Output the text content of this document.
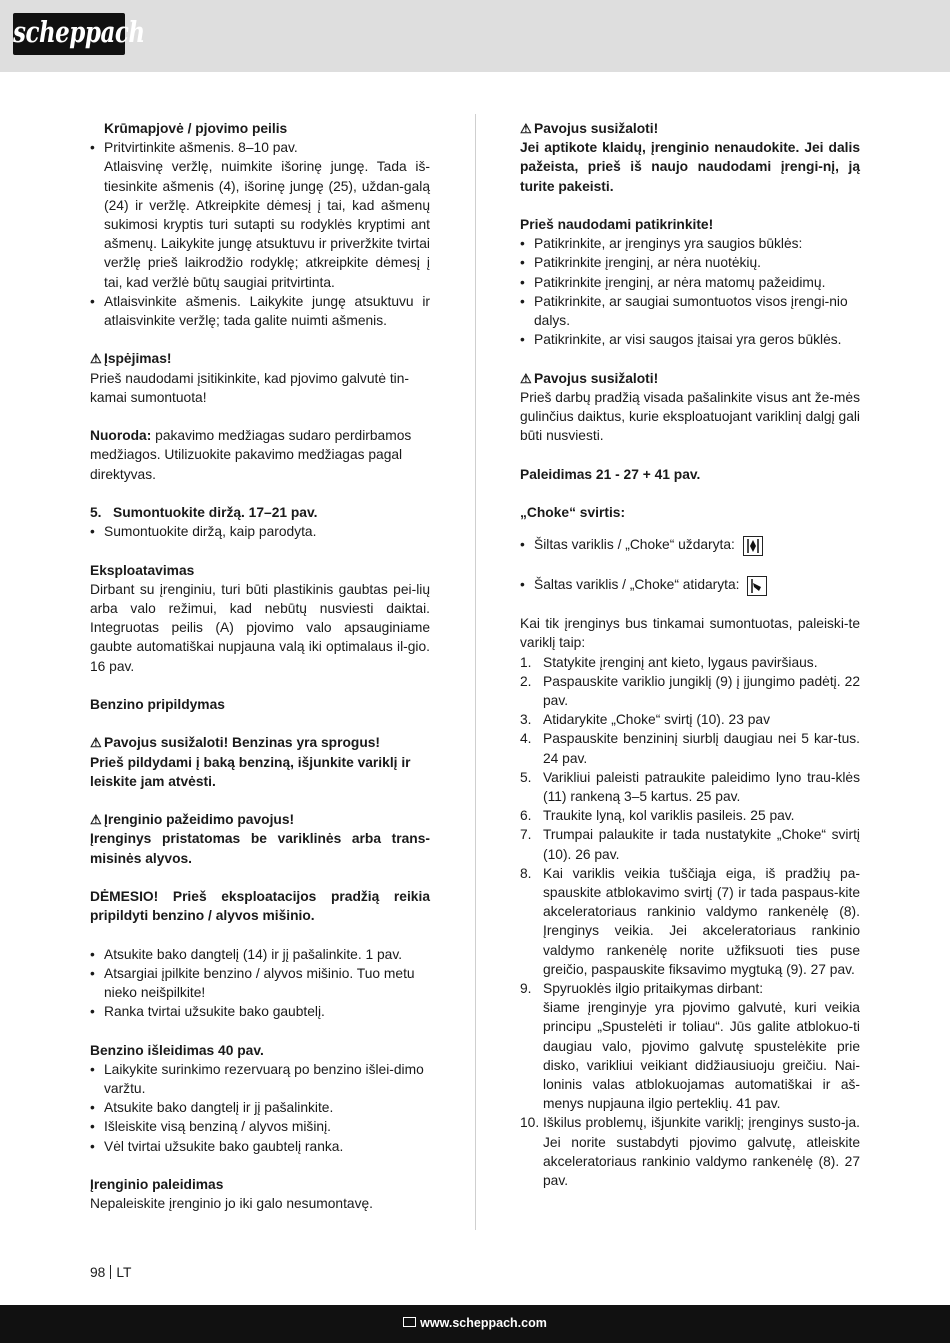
scheppach
Krūmapjovė / pjovimo peilis
• Pritvirtinkite ašmenis. 8–10 pav.
Atlaisvinę veržlę, nuimkite išorinę jungę. Tada iš-tiesinkite ašmenis (4), išorinę jungę (25), uždan-galą (24) ir veržlę. Atkreipkite dėmesį į tai, kad ašmenų sukimosi kryptis turi sutapti su rodyklės kryptimi ant ašmenų. Laikykite jungę atsuktuvu ir priveržkite tvirtai veržlę prieš laikrodžio rodyklę; atkreipkite dėmesį į tai, kad veržlė būtų saugiai pritvirtinta.
• Atlaisvinkite ašmenis. Laikykite jungę atsuktuvu ir atlaisvinkite veržlę; tada galite nuimti ašmenis.
⚠ Įspėjimas!
Prieš naudodami įsitikinkite, kad pjovimo galvutė tin-kamai sumontuota!
Nuoroda: pakavimo medžiagas sudaro perdirbamos medžiagos. Utilizuokite pakavimo medžiagas pagal direktyvas.
5. Sumontuokite diržą. 17–21 pav.
• Sumontuokite diržą, kaip parodyta.
Eksploatavimas
Dirbant su įrenginiu, turi būti plastikinis gaubtas pei-lių arba valo režimui, kad nebūtų nusviesti daiktai. Integruotas peilis (A) pjovimo valo apsauginiame gaubte automatiškai nupjauna valą iki optimalaus il-gio. 16 pav.
Benzino pripildymas
⚠ Pavojus susižaloti! Benzinas yra sprogus!
Prieš pildydami į baką benziną, išjunkite variklį ir leiskite jam atvėsti.
⚠ Įrenginio pažeidimo pavojus!
Įrenginys pristatomas be variklinės arba trans-misinės alyvos.
DĖMESIO! Prieš eksploatacijos pradžią reikia pripildyti benzino / alyvos mišinio.
• Atsukite bako dangtelį (14) ir jį pašalinkite. 1 pav.
• Atsargiai įpilkite benzino / alyvos mišinio. Tuo metu nieko neišpilkite!
• Ranka tvirtai užsukite bako gaubtelį.
Benzino išleidimas 40 pav.
• Laikykite surinkimo rezervuarą po benzino išlei-dimo varžtu.
• Atsukite bako dangtelį ir jį pašalinkite.
• Išleiskite visą benziną / alyvos mišinį.
• Vėl tvirtai užsukite bako gaubtelį ranka.
Įrenginio paleidimas
Nepaleiskite įrenginio jo iki galo nesumontavę.
⚠ Pavojus susižaloti!
Jei aptikote klaidų, įrenginio nenaudokite. Jei dalis pažeista, prieš iš naujo naudodami įrengi-nį, ją turite pakeisti.
Prieš naudodami patikrinkite!
• Patikrinkite, ar įrenginys yra saugios būklės:
• Patikrinkite įrenginį, ar nėra nuotėkių.
• Patikrinkite įrenginį, ar nėra matomų pažeidimų.
• Patikrinkite, ar saugiai sumontuotos visos įrengi-nio dalys.
• Patikrinkite, ar visi saugos įtaisai yra geros būklės.
⚠ Pavojus susižaloti!
Prieš darbų pradžią visada pašalinkite visus ant že-mės gulinčius daiktus, kurie eksploatuojant variklinį dalgį gali būti nusviesti.
Paleidimas 21 - 27 + 41 pav.
„Choke“ svirtis:
• Šiltas variklis / „Choke“ uždaryta:
• Šaltas variklis / „Choke“ atidaryta:
Kai tik įrenginys bus tinkamai sumontuotas, paleiski-te variklį taip:
1. Statykite įrenginį ant kieto, lygaus paviršiaus.
2. Paspauskite variklio jungiklį (9) į įjungimo padėtį. 22 pav.
3. Atidarykite „Choke“ svirtį (10). 23 pav
4. Paspauskite benzininį siurblį daugiau nei 5 kar-tus. 24 pav.
5. Varikliui paleisti patraukite paleidimo lyno trau-klės (11) rankeną 3–5 kartus. 25 pav.
6. Traukite lyną, kol variklis pasileis. 25 pav.
7. Trumpai palaukite ir tada nustatykite „Choke“ svirtį (10). 26 pav.
8. Kai variklis veikia tuščiąja eiga, iš pradžių pa-spauskite atblokavimo svirtį (7) ir tada paspaus-kite akceleratoriaus rankinio valdymo rankenėlę (8). Įrenginys veikia. Jei akceleratoriaus rankinio valdymo rankenėlę norite užfiksuoti ties puse greičio, paspauskite fiksavimo mygtuką (9). 27 pav.
9. Spyruoklės ilgio pritaikymas dirbant:
šiame įrenginyje yra pjovimo galvutė, kuri veikia principu „Spustelėti ir toliau“. Jūs galite atblokuo-ti daugiau valo, pjovimo galvutę spustelėkite prie disko, varikliui veikiant didžiausiuoju greičiu. Nai-loninis valas atblokuojamas automatiškai ir aš-menys nupjauna ilgio perteklių. 41 pav.
10. Iškilus problemų, išjunkite variklį; įrenginys susto-ja. Jei norite sustabdyti pjovimo galvutę, atleiskite akceleratoriaus rankinio valdymo rankenėlę (8). 27 pav.
98 LT
www.scheppach.com
